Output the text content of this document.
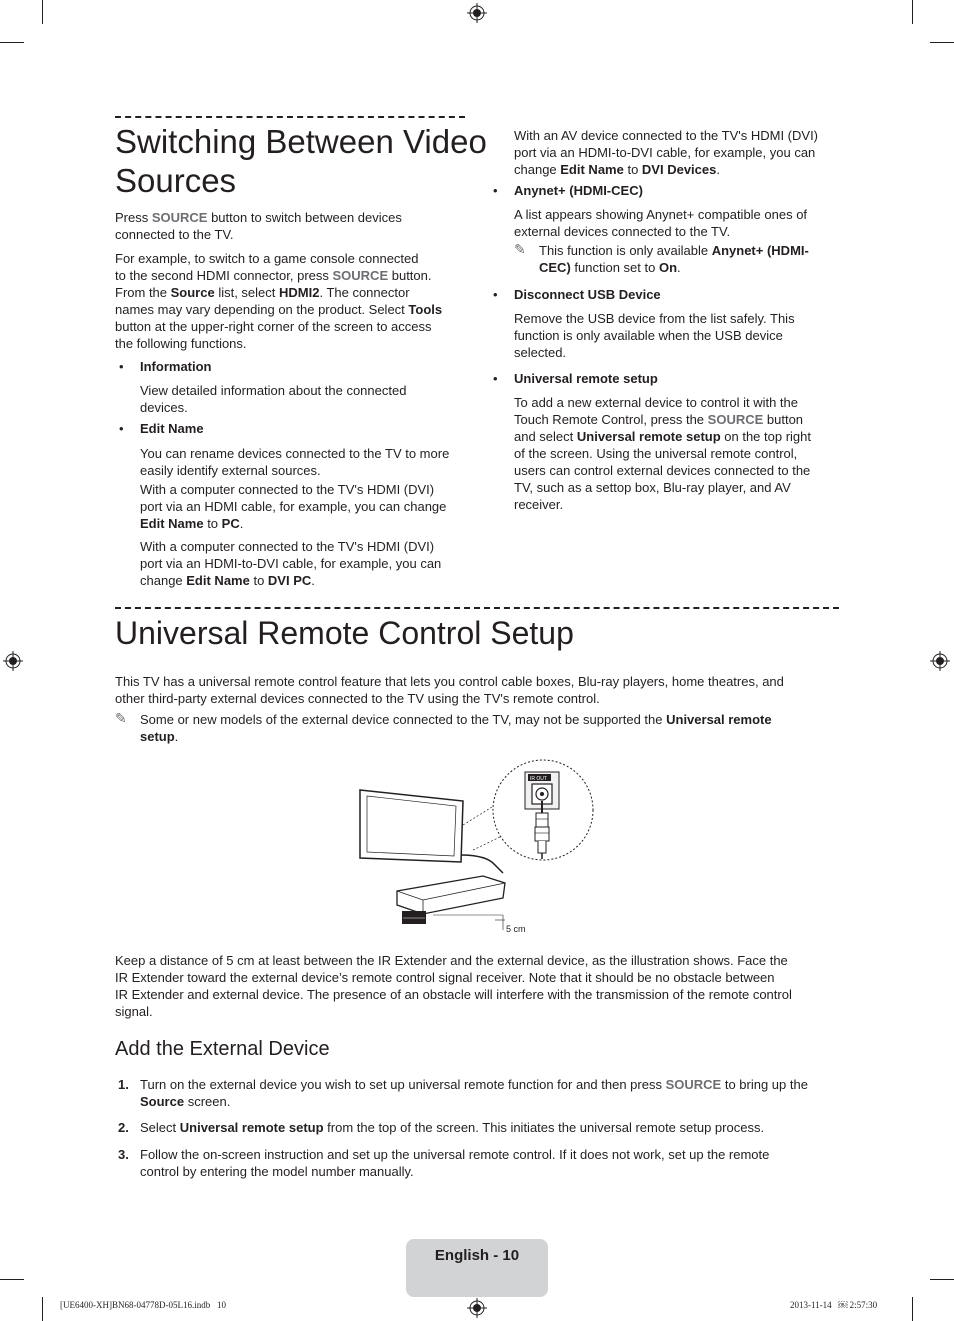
Switching Between Video
Sources
Press SOURCE button to switch between devices
connected to the TV.
For example, to switch to a game console connected
to the second HDMI connector, press SOURCE button.
From the Source list, select HDMI2. The connector
names may vary depending on the product. Select Tools
button at the upper-right corner of the screen to access
the following functions.
• Information
View detailed information about the connected
devices.
• Edit Name
You can rename devices connected to the TV to more
easily identify external sources.
With a computer connected to the TV's HDMI (DVI)
port via an HDMI cable, for example, you can change
Edit Name to PC.
With a computer connected to the TV's HDMI (DVI)
port via an HDMI-to-DVI cable, for example, you can
change Edit Name to DVI PC.
With an AV device connected to the TV's HDMI (DVI)
port via an HDMI-to-DVI cable, for example, you can
change Edit Name to DVI Devices.
• Anynet+ (HDMI-CEC)
A list appears showing Anynet+ compatible ones of
external devices connected to the TV.
✎ This function is only available Anynet+ (HDMI-
CEC) function set to On.
• Disconnect USB Device
Remove the USB device from the list safely. This
function is only available when the USB device
selected.
• Universal remote setup
To add a new external device to control it with the
Touch Remote Control, press the SOURCE button
and select Universal remote setup on the top right
of the screen. Using the universal remote control,
users can control external devices connected to the
TV, such as a settop box, Blu-ray player, and AV
receiver.
Universal Remote Control Setup
This TV has a universal remote control feature that lets you control cable boxes, Blu-ray players, home theatres, and
other third-party external devices connected to the TV using the TV's remote control.
✎ Some or new models of the external device connected to the TV, may not be supported the Universal remote
setup.
5 cm
IR OUT
Keep a distance of 5 cm at least between the IR Extender and the external device, as the illustration shows. Face the
IR Extender toward the external device’s remote control signal receiver. Note that it should be no obstacle between
IR Extender and external device. The presence of an obstacle will interfere with the transmission of the remote control
signal.
Add the External Device
1. Turn on the external device you wish to set up universal remote function for and then press SOURCE to bring up the
Source screen.
2. Select Universal remote setup from the top of the screen. This initiates the universal remote setup process.
3. Follow the on-screen instruction and set up the universal remote control. If it does not work, set up the remote
control by entering the model number manually.
English - 10
[UE6400-XH]BN68-04778D-05L16.indb   10	2013-11-14   ￼ 2:57:30
